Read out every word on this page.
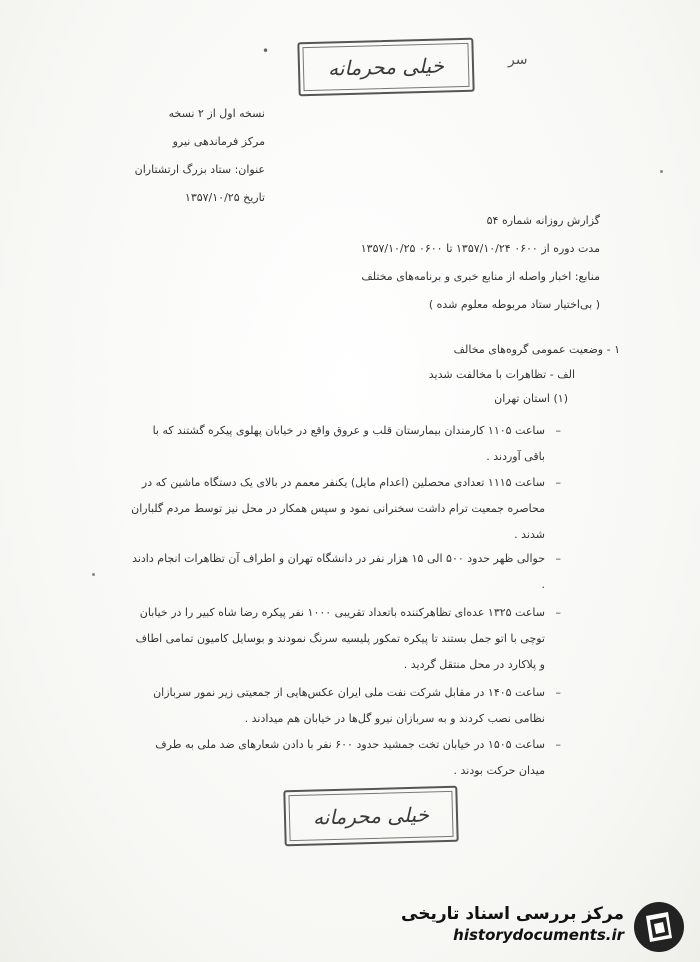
•
خیلی محرمانه	سر
نسخه اول از ۲ نسخه
مرکز فرماندهی نیرو
عنوان: ستاد بزرگ ارتشتاران
تاریخ ۱۳۵۷/۱۰/۲۵
گزارش روزانه شماره ۵۴
مدت دوره از ۰۶۰۰ ۱۳۵۷/۱۰/۲۴ تا ۰۶۰۰ ۱۳۵۷/۱۰/۲۵
منابع: اخبار واصله از منابع خبری و برنامه‌های مختلف
( بی‌اختیار ستاد مربوطه معلوم شده )
۱ - وضعیت عمومی گروه‌های مخالف
الف - تظاهرات با مخالفت شدید
(۱) استان تهران
–
ساعت ۱۱۰۵ کارمندان بیمارستان قلب و عروق واقع در خیابان پهلوی پیکره گشتند که با باقی آوردند .
–
ساعت ۱۱۱۵ تعدادی محصلین (اعدام مایل) یکنفر معمم در بالای یک دستگاه ماشین که در محاصره جمعیت ترام داشت سخنرانی نمود و سپس همکار در محل نیز توسط مردم گلباران شدند .
–
حوالی ظهر حدود ۵۰۰ الی ۱۵ هزار نفر در دانشگاه تهران و اطراف آن تظاهرات انجام دادند .
–
ساعت ۱۳۲۵ عده‌ای تظاهرکننده باتعداد تقریبی ۱۰۰۰ نفر پیکره رضا شاه کبیر را در خیابان توچی با اتو جمل بستند تا پیکره تمکور پلیسیه سرنگ نمودند و بوسایل کامیون تمامی اطاف و پلاکارد در محل منتقل گردید .
–
ساعت ۱۴۰۵ در مقابل شرکت نفت ملی ایران عکس‌هایی از جمعیتی زیر نمور سربازان نظامی نصب کردند و به سربازان نیرو گل‌ها در خیابان هم میدادند .
–
ساعت ۱۵۰۵ در خیابان تخت جمشید حدود ۶۰۰ نفر با دادن شعارهای ضد ملی به طرف میدان حرکت بودند .
خیلی محرمانه
مرکز بررسی اسناد تاریخی
historydocuments.ir
